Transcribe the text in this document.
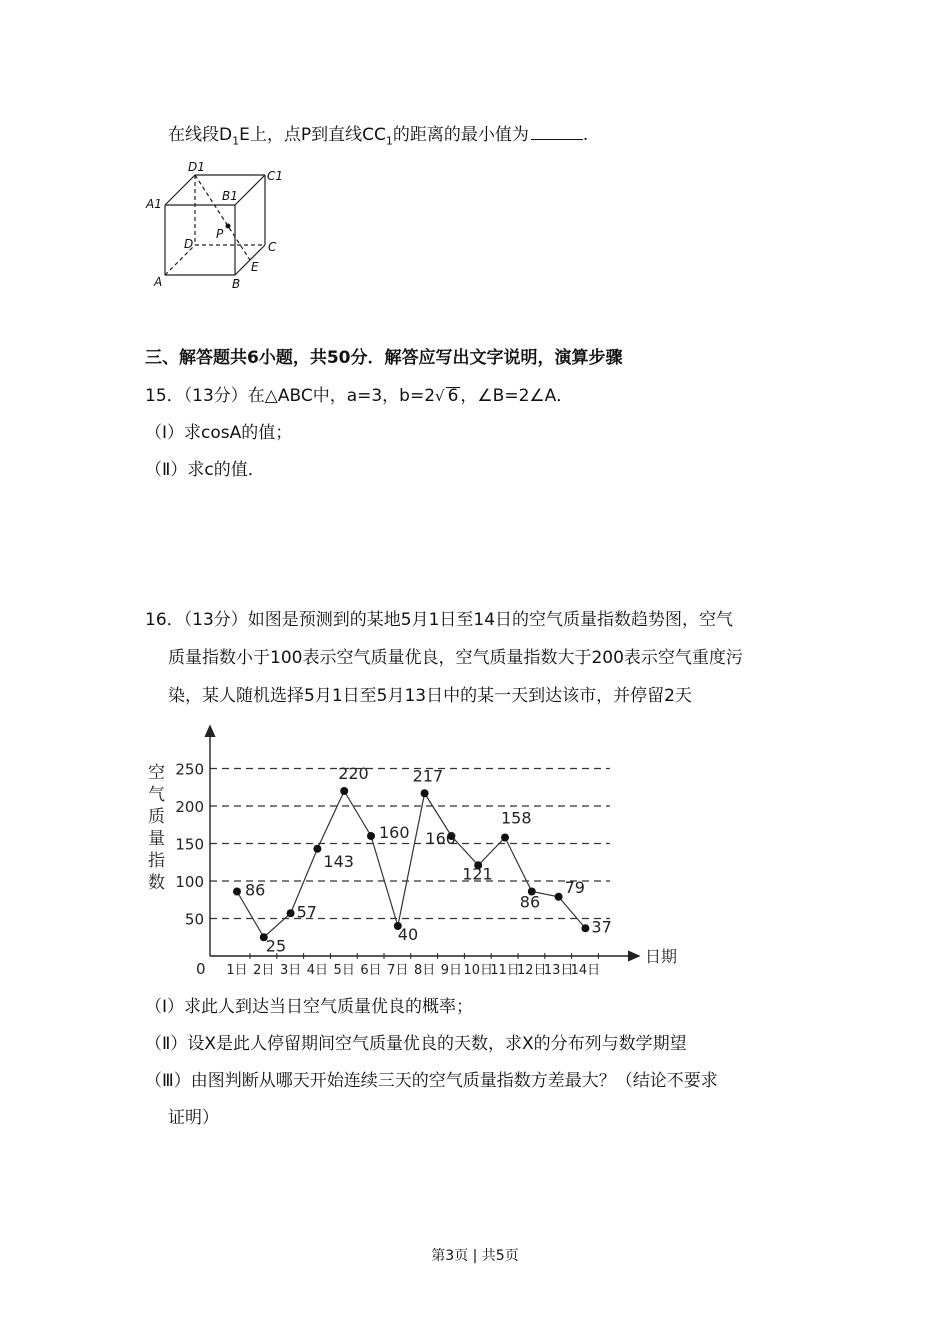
在线段$D_1E$上，点P到直线$CC_1$的距离的最小值为	.
D1
C1
A1
B1
P
D	C
E
A	B
三、解答题共6小题，共50分．解答应写出文字说明，演算步骤
15．（13分）在△ABC中，a=3，b=2√ 6 ，∠B=2∠A．
（Ⅰ）求cosA的值；
（Ⅱ）求c的值．
16．（13分）如图是预测到的某地5月1日至14日的空气质量指数趋势图，空气
质量指数小于100表示空气质量优良，空气质量指数大于200表示空气重度污
染，某人随机选择5月1日至5月13日中的某一天到达该市，并停留2天
空
气
质
量
指
数
50
100
150
200
250
86
25
57
143
220
160
40
217
160
121
158
86
79
37
1日 2日 3日 4日 5日 6日 7日 8日 9日 10日
11日
12日
13日
14日
日期
0
（Ⅰ）求此人到达当日空气质量优良的概率；
（Ⅱ）设X是此人停留期间空气质量优良的天数，求X的分布列与数学期望
（Ⅲ）由图判断从哪天开始连续三天的空气质量指数方差最大？（结论不要求
证明）
第3页 | 共5页
